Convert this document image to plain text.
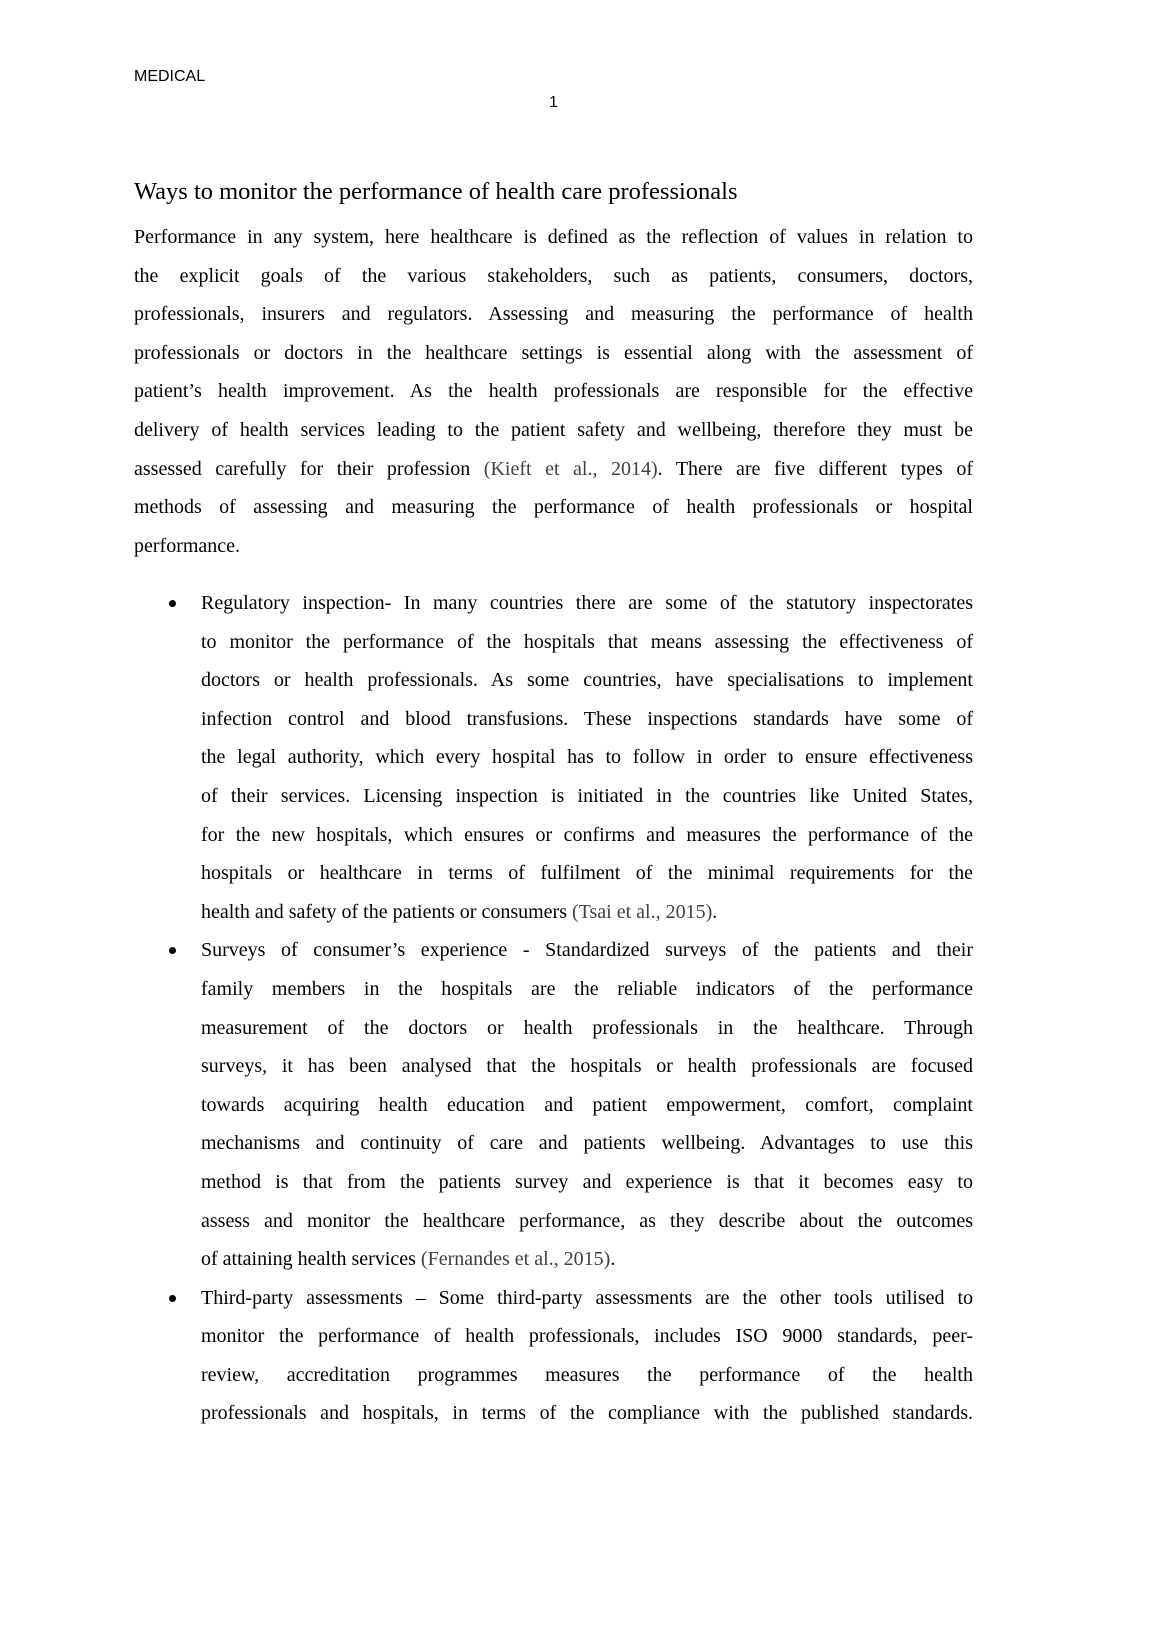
MEDICAL
1
Ways to monitor the performance of health care professionals
Performance in any system, here healthcare is defined as the reflection of values in relation to
the explicit goals of the various stakeholders, such as patients, consumers, doctors,
professionals, insurers and regulators. Assessing and measuring the performance of health
professionals or doctors in the healthcare settings is essential along with the assessment of
patient’s health improvement. As the health professionals are responsible for the effective
delivery of health services leading to the patient safety and wellbeing, therefore they must be
assessed carefully for their profession (Kieft et al., 2014). There are five different types of
methods of assessing and measuring the performance of health professionals or hospital
performance.
Regulatory inspection- In many countries there are some of the statutory inspectorates
to monitor the performance of the hospitals that means assessing the effectiveness of
doctors or health professionals. As some countries, have specialisations to implement
infection control and blood transfusions. These inspections standards have some of
the legal authority, which every hospital has to follow in order to ensure effectiveness
of their services. Licensing inspection is initiated in the countries like United States,
for the new hospitals, which ensures or confirms and measures the performance of the
hospitals or healthcare in terms of fulfilment of the minimal requirements for the
health and safety of the patients or consumers (Tsai et al., 2015).
Surveys of consumer’s experience - Standardized surveys of the patients and their
family members in the hospitals are the reliable indicators of the performance
measurement of the doctors or health professionals in the healthcare. Through
surveys, it has been analysed that the hospitals or health professionals are focused
towards acquiring health education and patient empowerment, comfort, complaint
mechanisms and continuity of care and patients wellbeing. Advantages to use this
method is that from the patients survey and experience is that it becomes easy to
assess and monitor the healthcare performance, as they describe about the outcomes
of attaining health services (Fernandes et al., 2015).
Third-party assessments – Some third-party assessments are the other tools utilised to
monitor the performance of health professionals, includes ISO 9000 standards, peer-
review, accreditation programmes measures the performance of the health
professionals and hospitals, in terms of the compliance with the published standards.
